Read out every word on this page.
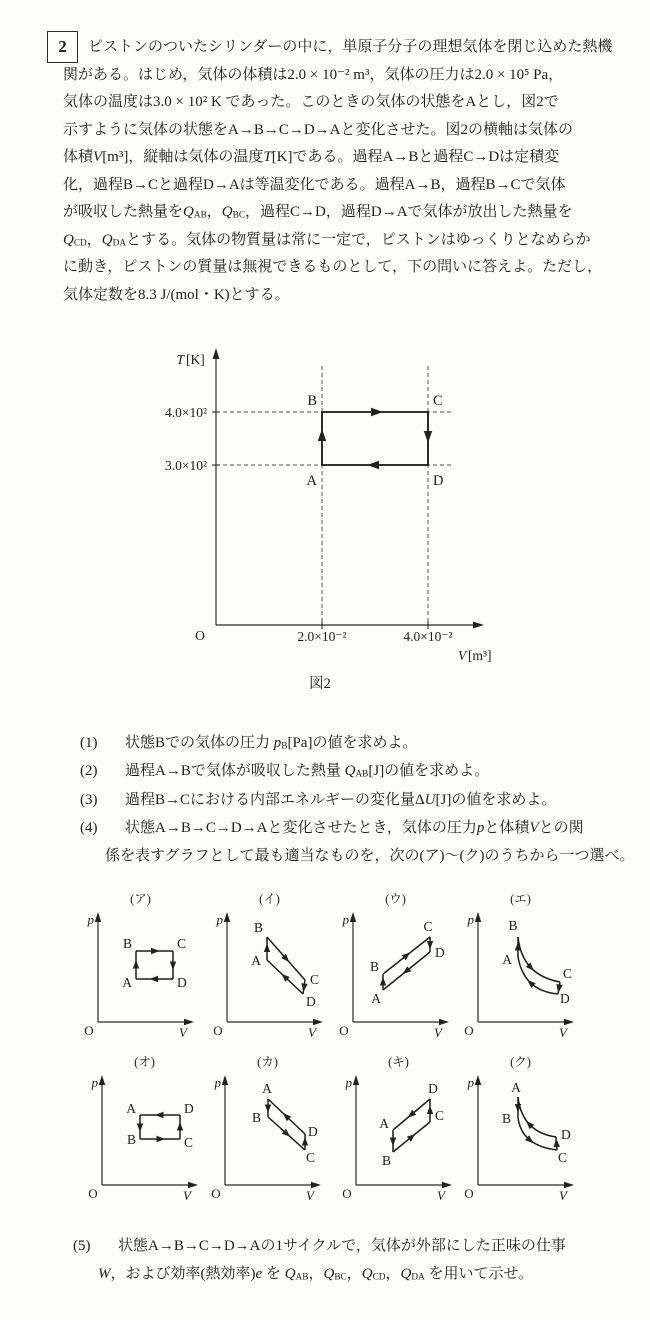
2	ピストンのついたシリンダーの中に，単原子分子の理想気体を閉じ込めた熱機
関がある。はじめ，気体の体積は2.0 × 10⁻² m³，気体の圧力は2.0 × 10⁵ Pa，
気体の温度は3.0 × 10² K であった。このときの気体の状態をAとし，図2で
示すように気体の状態をA→B→C→D→Aと変化させた。図2の横軸は気体の
体積V[m³]，縦軸は気体の温度T[K]である。過程A→Bと過程C→Dは定積変
化，過程B→Cと過程D→Aは等温変化である。過程A→B，過程B→Cで気体
が吸収した熱量を$Q_{AB}$，$Q_{BC}$，過程C→D，過程D→Aで気体が放出した熱量を
$Q_{CD}$，$Q_{DA}$とする。気体の物質量は常に一定で，ピストンはゆっくりとなめらか
に動き，ピストンの質量は無視できるものとして，下の問いに答えよ。ただし，
気体定数を8.3 J/(mol・K)とする。
T [K]
4.0×10²
3.0×10²
B	C
A	D
O	2.0×10⁻²	4.0×10⁻²
V [m³]
図2
(1) 状態Bでの気体の圧力 $p_B[Pa]$の値を求めよ。
(2) 過程A→Bで気体が吸収した熱量 $Q_{AB}[J]$の値を求めよ。
(3) 過程B→Cにおける内部エネルギーの変化量ΔU[J]の値を求めよ。
(4) 状態A→B→C→D→Aと変化させたとき，気体の圧力pと体積Vとの関
係を表すグラフとして最も適当なものを，次の(ア)～(ク)のうちから一つ選べ。
(ア)
p
V
O
A
B	C
D
(イ)
p
V
O
A
B
C
D
(ウ)
p
V
O
A
B
C
D
(エ)
p
V
O
A
B
C
D
(オ)
p
V
O
A
B	C
D
(カ)
p
V
O
A
B
C
D
(キ)
p
V
O
A
B
C
D
(ク)
p
V
O
A
B
C
D
(5) 状態A→B→C→D→Aの1サイクルで，気体が外部にした正味の仕事
W，および効率(熱効率)e を $Q_{AB}$，$Q_{BC}$，$Q_{CD}$，$Q_{DA}$ を用いて示せ。
